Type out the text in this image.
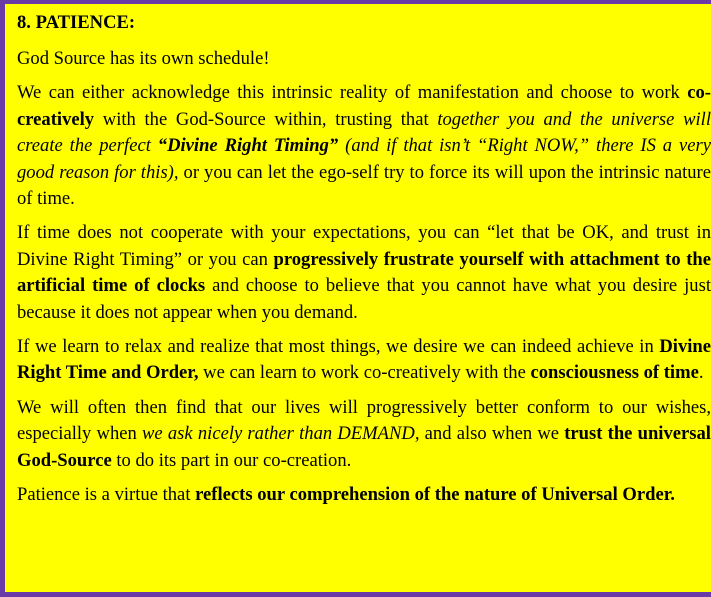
8. PATIENCE:

God Source has its own schedule!

We can either acknowledge this intrinsic reality of manifestation and choose to work co-creatively with the God-Source within, trusting that together you and the universe will create the perfect “Divine Right Timing” (and if that isn’t “Right NOW,” there IS a very good reason for this), or you can let the ego-self try to force its will upon the intrinsic nature of time.

If time does not cooperate with your expectations, you can “let that be OK, and trust in Divine Right Timing” or you can progressively frustrate yourself with attachment to the artificial time of clocks and choose to believe that you cannot have what you desire just because it does not appear when you demand.

If we learn to relax and realize that most things, we desire we can indeed achieve in Divine Right Time and Order, we can learn to work co-creatively with the consciousness of time.

We will often then find that our lives will progressively better conform to our wishes, especially when we ask nicely rather than DEMAND, and also when we trust the universal God-Source to do its part in our co-creation.

Patience is a virtue that reflects our comprehension of the nature of Universal Order.
